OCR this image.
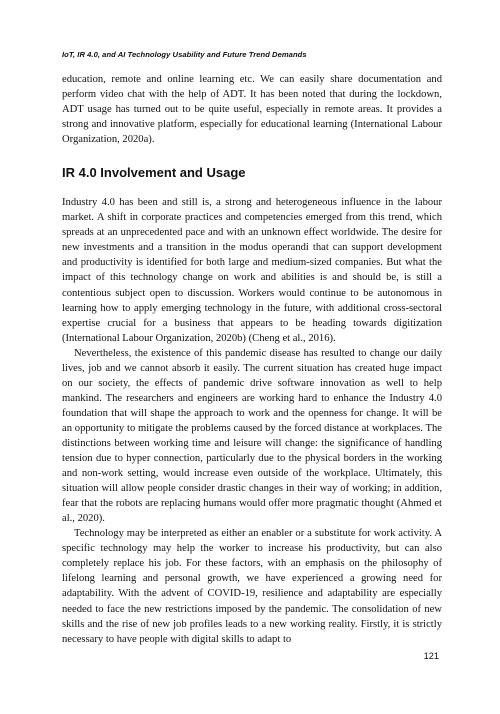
IoT, IR 4.0, and AI Technology Usability and Future Trend Demands

education, remote and online learning etc. We can easily share documentation and perform video chat with the help of ADT. It has been noted that during the lockdown, ADT usage has turned out to be quite useful, especially in remote areas. It provides a strong and innovative platform, especially for educational learning (International Labour Organization, 2020a).

IR 4.0 Involvement and Usage

Industry 4.0 has been and still is, a strong and heterogeneous influence in the labour market. A shift in corporate practices and competencies emerged from this trend, which spreads at an unprecedented pace and with an unknown effect worldwide. The desire for new investments and a transition in the modus operandi that can support development and productivity is identified for both large and medium-sized companies. But what the impact of this technology change on work and abilities is and should be, is still a contentious subject open to discussion. Workers would continue to be autonomous in learning how to apply emerging technology in the future, with additional cross-sectoral expertise crucial for a business that appears to be heading towards digitization (International Labour Organization, 2020b) (Cheng et al., 2016).

Nevertheless, the existence of this pandemic disease has resulted to change our daily lives, job and we cannot absorb it easily. The current situation has created huge impact on our society, the effects of pandemic drive software innovation as well to help mankind. The researchers and engineers are working hard to enhance the Industry 4.0 foundation that will shape the approach to work and the openness for change. It will be an opportunity to mitigate the problems caused by the forced distance at workplaces. The distinctions between working time and leisure will change: the significance of handling tension due to hyper connection, particularly due to the physical borders in the working and non-work setting, would increase even outside of the workplace. Ultimately, this situation will allow people consider drastic changes in their way of working; in addition, fear that the robots are replacing humans would offer more pragmatic thought (Ahmed et al., 2020).

Technology may be interpreted as either an enabler or a substitute for work activity. A specific technology may help the worker to increase his productivity, but can also completely replace his job. For these factors, with an emphasis on the philosophy of lifelong learning and personal growth, we have experienced a growing need for adaptability. With the advent of COVID-19, resilience and adaptability are especially needed to face the new restrictions imposed by the pandemic. The consolidation of new skills and the rise of new job profiles leads to a new working reality. Firstly, it is strictly necessary to have people with digital skills to adapt to

121
